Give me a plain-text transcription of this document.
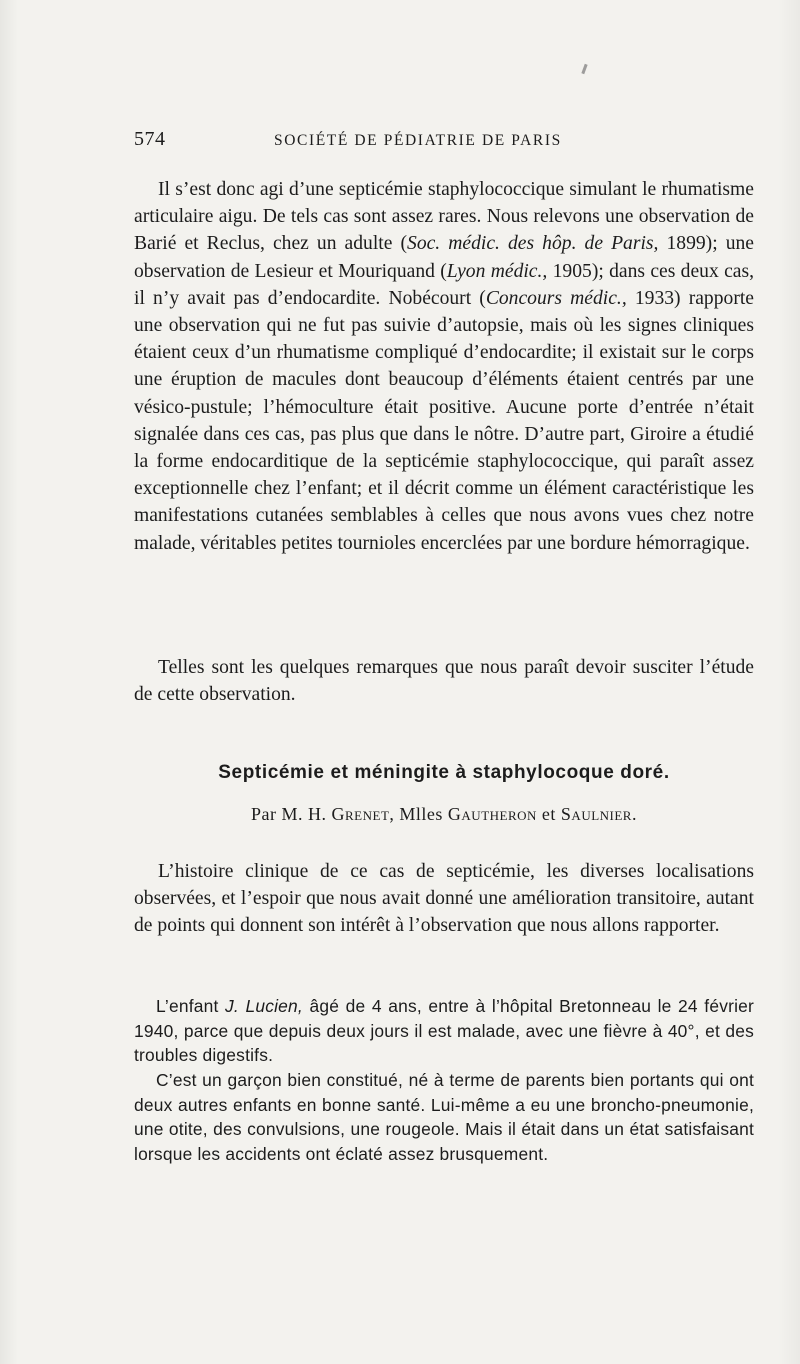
574	SOCIÉTÉ DE PÉDIATRIE DE PARIS

Il s’est donc agi d’une septicémie staphylococcique simulant le rhumatisme articulaire aigu. De tels cas sont assez rares. Nous relevons une observation de Barié et Reclus, chez un adulte (Soc. médic. des hôp. de Paris, 1899); une observation de Lesieur et Mouriquand (Lyon médic., 1905); dans ces deux cas, il n’y avait pas d’endocardite. Nobécourt (Concours médic., 1933) rapporte une observation qui ne fut pas suivie d’autopsie, mais où les signes cliniques étaient ceux d’un rhumatisme compliqué d’endocardite; il existait sur le corps une éruption de macules dont beaucoup d’éléments étaient centrés par une vésico-pustule; l’hémoculture était positive. Aucune porte d’entrée n’était signalée dans ces cas, pas plus que dans le nôtre. D’autre part, Giroire a étudié la forme endocarditique de la septicémie staphylococcique, qui paraît assez exceptionnelle chez l’enfant; et il décrit comme un élément caractéristique les manifestations cutanées semblables à celles que nous avons vues chez notre malade, véritables petites tournioles encerclées par une bordure hémorragique.

Telles sont les quelques remarques que nous paraît devoir susciter l’étude de cette observation.

Septicémie et méningite à staphylocoque doré.
Par M. H. Grenet, Mlles Gautheron et Saulnier.

L’histoire clinique de ce cas de septicémie, les diverses localisations observées, et l’espoir que nous avait donné une amélioration transitoire, autant de points qui donnent son intérêt à l’observation que nous allons rapporter.

L’enfant J. Lucien, âgé de 4 ans, entre à l’hôpital Bretonneau le 24 février 1940, parce que depuis deux jours il est malade, avec une fièvre à 40°, et des troubles digestifs.

C’est un garçon bien constitué, né à terme de parents bien portants qui ont deux autres enfants en bonne santé. Lui-même a eu une broncho-pneumonie, une otite, des convulsions, une rougeole. Mais il était dans un état satisfaisant lorsque les accidents ont éclaté assez brusquement.
